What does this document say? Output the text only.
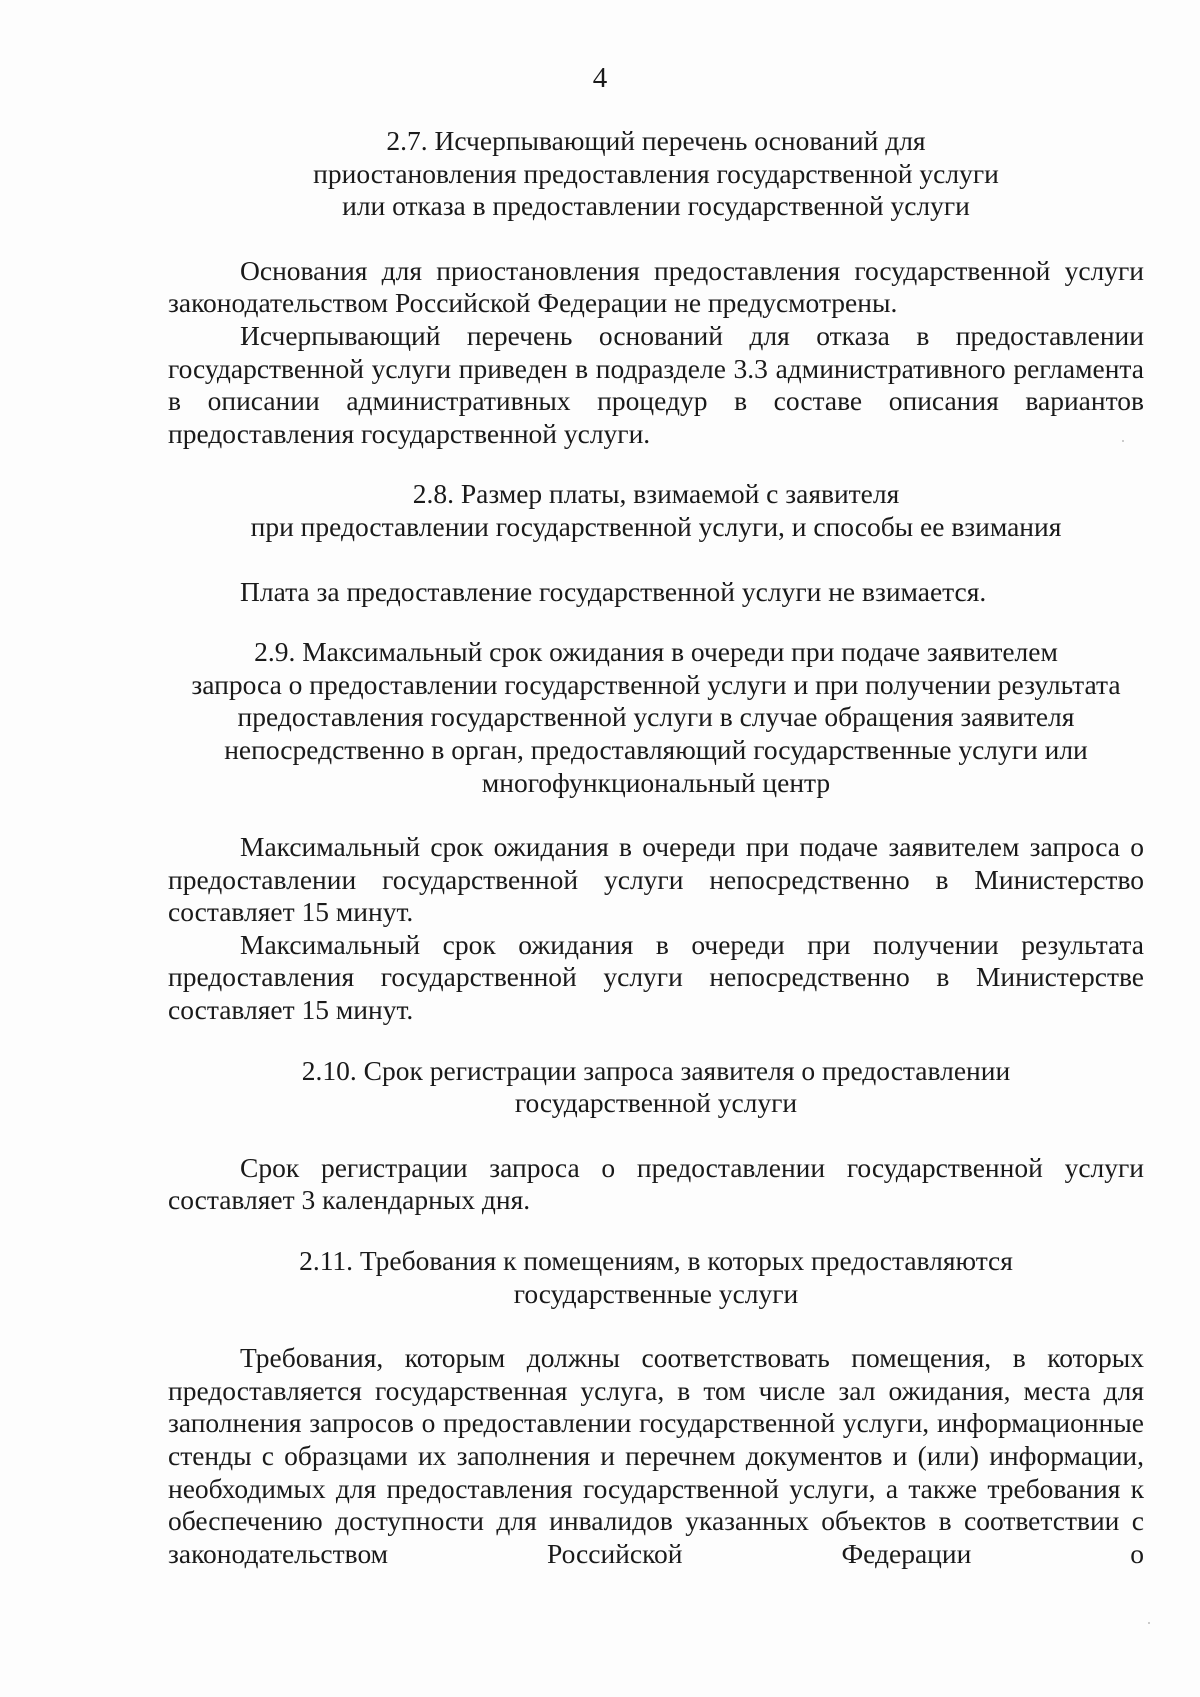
4
2.7. Исчерпывающий перечень оснований для
приостановления предоставления государственной услуги
или отказа в предоставлении государственной услуги

Основания для приостановления предоставления государственной услуги законодательством Российской Федерации не предусмотрены.

Исчерпывающий перечень оснований для отказа в предоставлении государственной услуги приведен в подразделе 3.3 административного регламента в описании административных процедур в составе описания вариантов предоставления государственной услуги.

2.8. Размер платы, взимаемой с заявителя
при предоставлении государственной услуги, и способы ее взимания

Плата за предоставление государственной услуги не взимается.

2.9. Максимальный срок ожидания в очереди при подаче заявителем
запроса о предоставлении государственной услуги и при получении результата
предоставления государственной услуги в случае обращения заявителя
непосредственно в орган, предоставляющий государственные услуги или
многофункциональный центр

Максимальный срок ожидания в очереди при подаче заявителем запроса о предоставлении государственной услуги непосредственно в Министерство составляет 15 минут.

Максимальный срок ожидания в очереди при получении результата предоставления государственной услуги непосредственно в Министерстве составляет 15 минут.

2.10. Срок регистрации запроса заявителя о предоставлении
государственной услуги

Срок регистрации запроса о предоставлении государственной услуги составляет 3 календарных дня.

2.11. Требования к помещениям, в которых предоставляются
государственные услуги

Требования, которым должны соответствовать помещения, в которых предоставляется государственная услуга, в том числе зал ожидания, места для заполнения запросов о предоставлении государственной услуги, информационные стенды с образцами их заполнения и перечнем документов и (или) информации, необходимых для предоставления государственной услуги, а также требования к обеспечению доступности для инвалидов указанных объектов в соответствии с законодательством Российской Федерации о
